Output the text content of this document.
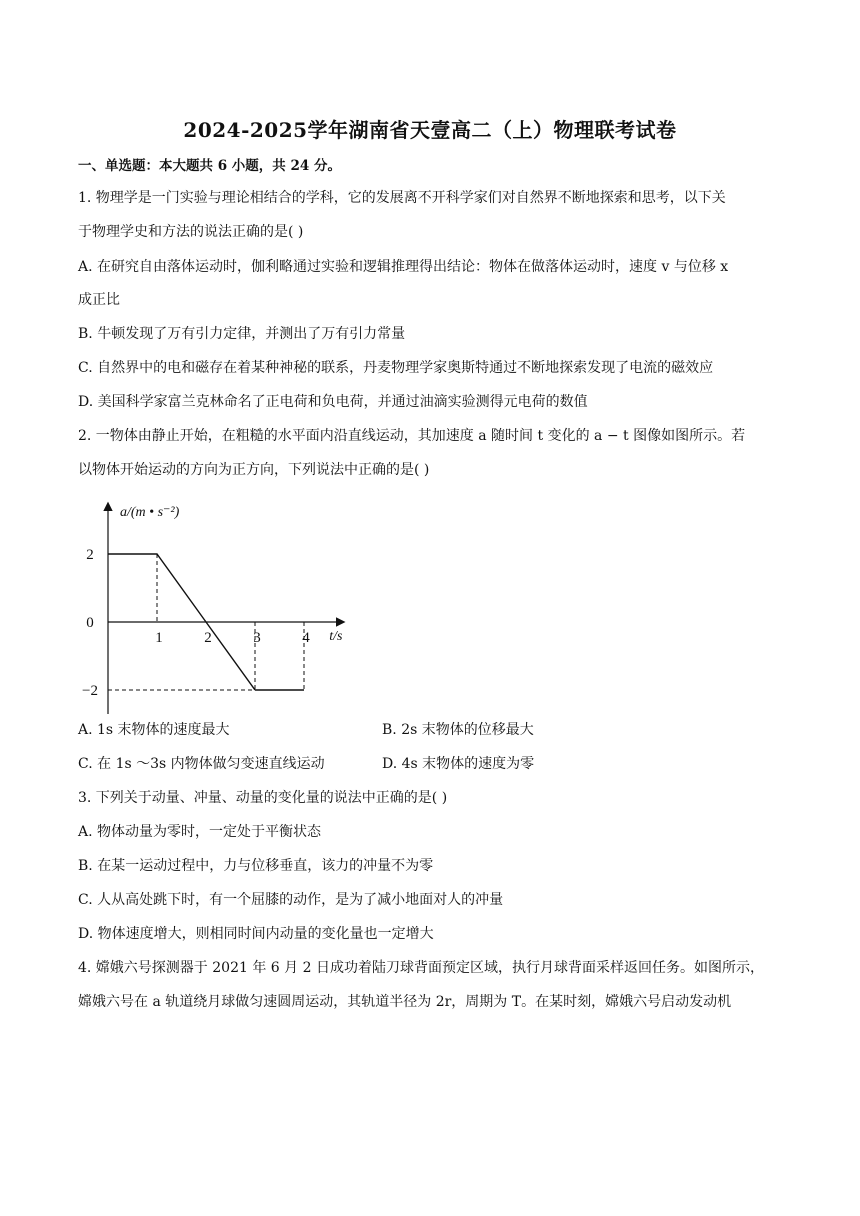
2024-2025学年湖南省天壹高二（上）物理联考试卷
一、单选题：本大题共 6 小题，共 24 分。
1. 物理学是一门实验与理论相结合的学科，它的发展离不开科学家们对自然界不断地探索和思考，以下关
于物理学史和方法的说法正确的是( )
A. 在研究自由落体运动时，伽利略通过实验和逻辑推理得出结论：物体在做落体运动时，速度 v 与位移 x
成正比
B. 牛顿发现了万有引力定律，并测出了万有引力常量
C. 自然界中的电和磁存在着某种神秘的联系，丹麦物理学家奥斯特通过不断地探索发现了电流的磁效应
D. 美国科学家富兰克林命名了正电荷和负电荷，并通过油滴实验测得元电荷的数值
2. 一物体由静止开始，在粗糙的水平面内沿直线运动，其加速度 a 随时间 t 变化的 a − t 图像如图所示。若
以物体开始运动的方向为正方向，下列说法中正确的是( )
2
0
−2
1	2	3	4
a/(m • s⁻²)
t/s
A. 1s 末物体的速度最大	B. 2s 末物体的位移最大
C. 在 1s ～3s 内物体做匀变速直线运动	D. 4s 末物体的速度为零
3. 下列关于动量、冲量、动量的变化量的说法中正确的是( )
A. 物体动量为零时，一定处于平衡状态
B. 在某一运动过程中，力与位移垂直，该力的冲量不为零
C. 人从高处跳下时，有一个屈膝的动作，是为了减小地面对人的冲量
D. 物体速度增大，则相同时间内动量的变化量也一定增大
4. 嫦娥六号探测器于 2021 年 6 月 2 日成功着陆刀球背面预定区域，执行月球背面采样返回任务。如图所示，
嫦娥六号在 a 轨道绕月球做匀速圆周运动，其轨道半径为 2r，周期为 T。在某时刻，嫦娥六号启动发动机
